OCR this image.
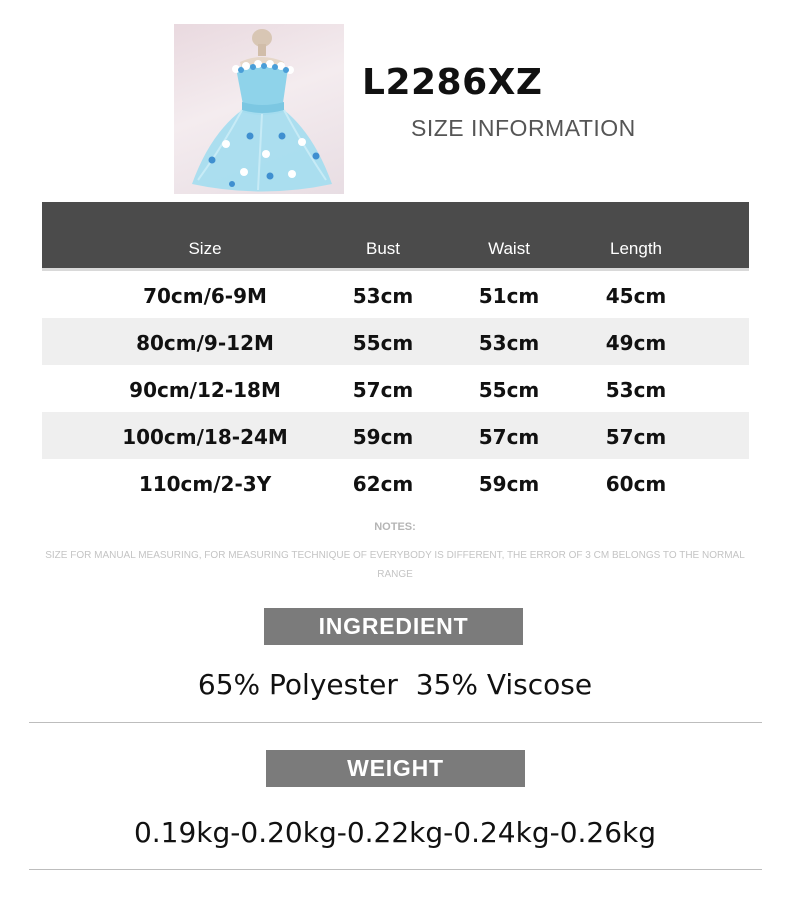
L2286XZ
SIZE INFORMATION
Size	Bust	Waist	Length
70cm/6-9M	53cm	51cm	45cm
80cm/9-12M	55cm	53cm	49cm
90cm/12-18M	57cm	55cm	53cm
100cm/18-24M	59cm	57cm	57cm
110cm/2-3Y	62cm	59cm	60cm
NOTES:
SIZE FOR MANUAL MEASURING, FOR MEASURING TECHNIQUE OF EVERYBODY IS DIFFERENT, THE ERROR OF 3 CM BELONGS TO THE NORMAL RANGE
INGREDIENT
65% Polyester  35% Viscose
WEIGHT
0.19kg-0.20kg-0.22kg-0.24kg-0.26kg
